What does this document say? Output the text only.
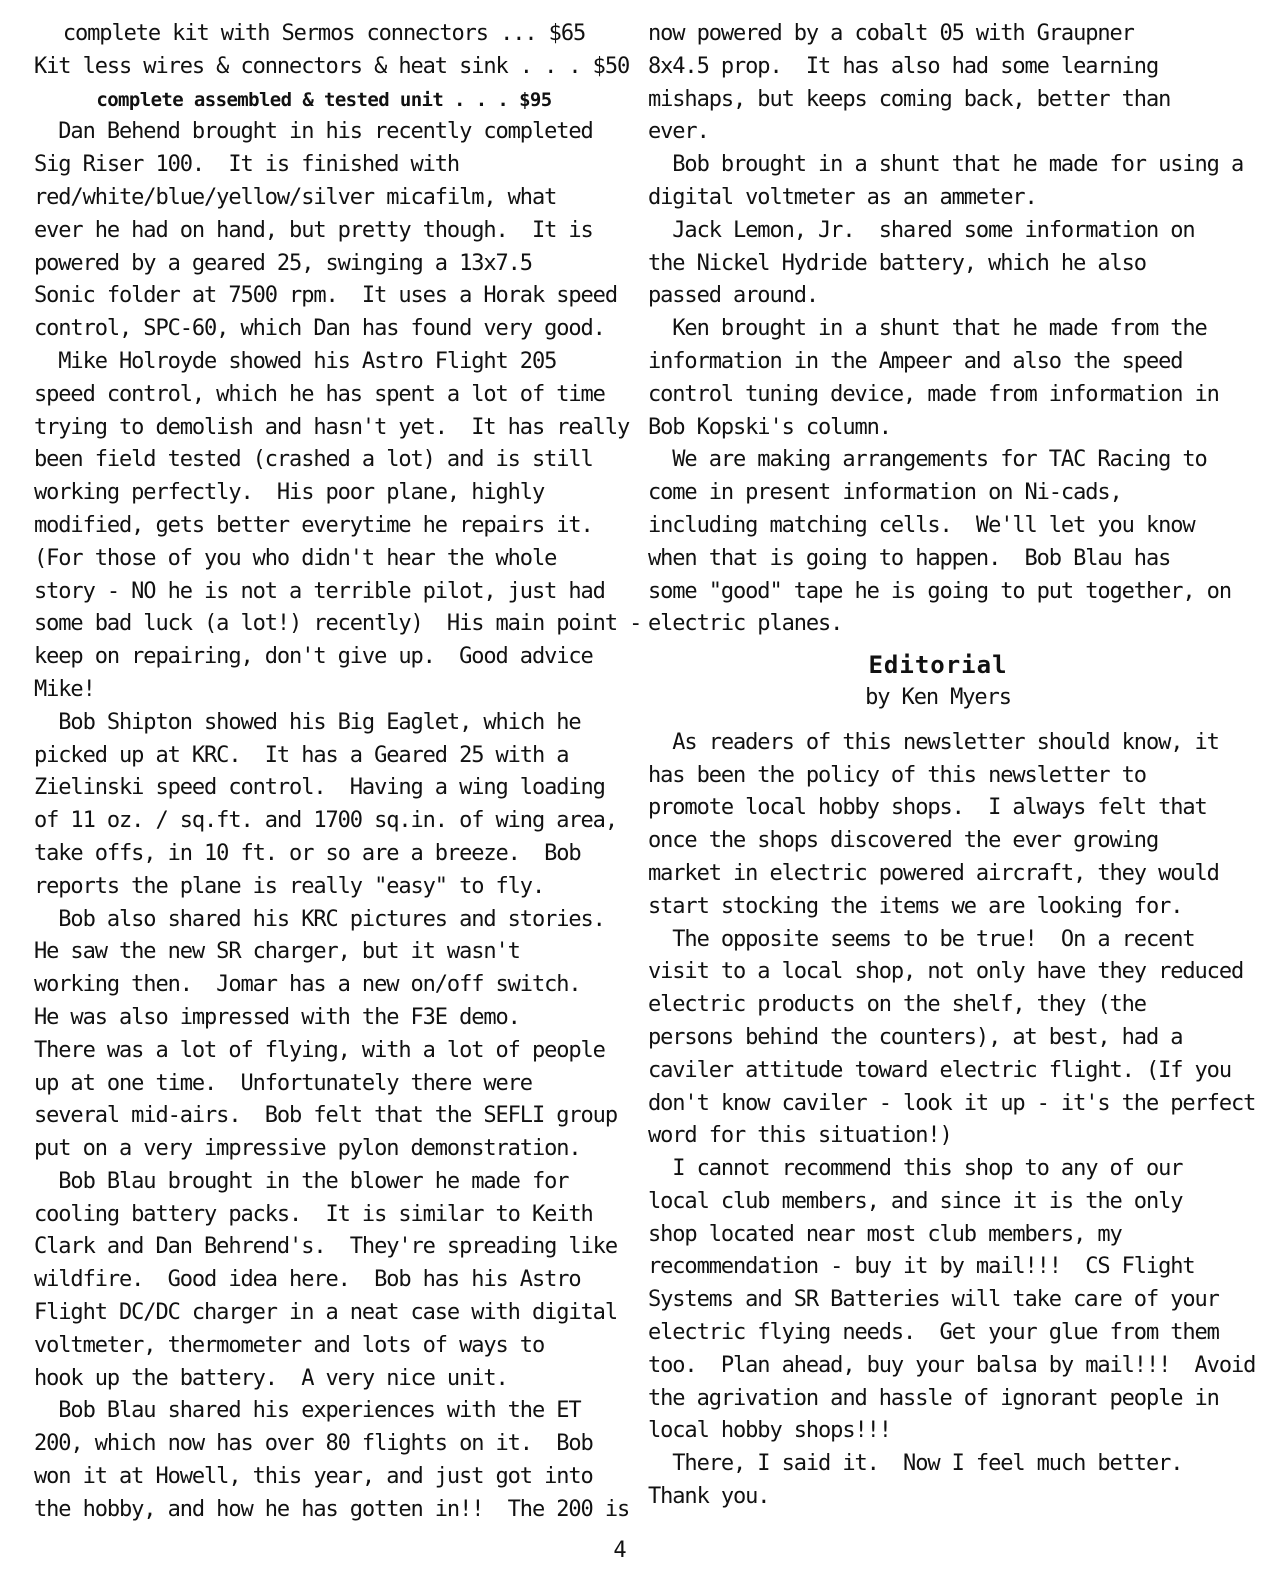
complete kit with Sermos connectors ... $65
Kit less wires & connectors & heat sink . . . $50
complete assembled & tested unit . . . $95
Dan Behend brought in his recently completed
Sig Riser 100.  It is finished with
red/white/blue/yellow/silver micafilm, what
ever he had on hand, but pretty though.  It is
powered by a geared 25, swinging a 13x7.5
Sonic folder at 7500 rpm.  It uses a Horak speed
control, SPC-60, which Dan has found very good.
Mike Holroyde showed his Astro Flight 205
speed control, which he has spent a lot of time
trying to demolish and hasn't yet.  It has really
been field tested (crashed a lot) and is still
working perfectly.  His poor plane, highly
modified, gets better everytime he repairs it.
(For those of you who didn't hear the whole
story - NO he is not a terrible pilot, just had
some bad luck (a lot!) recently)  His main point -
keep on repairing, don't give up.  Good advice
Mike!
Bob Shipton showed his Big Eaglet, which he
picked up at KRC.  It has a Geared 25 with a
Zielinski speed control.  Having a wing loading
of 11 oz. / sq.ft. and 1700 sq.in. of wing area,
take offs, in 10 ft. or so are a breeze.  Bob
reports the plane is really "easy" to fly.
Bob also shared his KRC pictures and stories.
He saw the new SR charger, but it wasn't
working then.  Jomar has a new on/off switch.
He was also impressed with the F3E demo.
There was a lot of flying, with a lot of people
up at one time.  Unfortunately there were
several mid-airs.  Bob felt that the SEFLI group
put on a very impressive pylon demonstration.
Bob Blau brought in the blower he made for
cooling battery packs.  It is similar to Keith
Clark and Dan Behrend's.  They're spreading like
wildfire.  Good idea here.  Bob has his Astro
Flight DC/DC charger in a neat case with digital
voltmeter, thermometer and lots of ways to
hook up the battery.  A very nice unit.
Bob Blau shared his experiences with the ET
200, which now has over 80 flights on it.  Bob
won it at Howell, this year, and just got into
the hobby, and how he has gotten in!!  The 200 is
now powered by a cobalt 05 with Graupner
8x4.5 prop.  It has also had some learning
mishaps, but keeps coming back, better than
ever.
Bob brought in a shunt that he made for using a
digital voltmeter as an ammeter.
Jack Lemon, Jr.  shared some information on
the Nickel Hydride battery, which he also
passed around.
Ken brought in a shunt that he made from the
information in the Ampeer and also the speed
control tuning device, made from information in
Bob Kopski's column.
We are making arrangements for TAC Racing to
come in present information on Ni-cads,
including matching cells.  We'll let you know
when that is going to happen.  Bob Blau has
some "good" tape he is going to put together, on
electric planes.
Editorial
by Ken Myers
As readers of this newsletter should know, it
has been the policy of this newsletter to
promote local hobby shops.  I always felt that
once the shops discovered the ever growing
market in electric powered aircraft, they would
start stocking the items we are looking for.
The opposite seems to be true!  On a recent
visit to a local shop, not only have they reduced
electric products on the shelf, they (the
persons behind the counters), at best, had a
caviler attitude toward electric flight. (If you
don't know caviler - look it up - it's the perfect
word for this situation!)
I cannot recommend this shop to any of our
local club members, and since it is the only
shop located near most club members, my
recommendation - buy it by mail!!!  CS Flight
Systems and SR Batteries will take care of your
electric flying needs.  Get your glue from them
too.  Plan ahead, buy your balsa by mail!!!  Avoid
the agrivation and hassle of ignorant people in
local hobby shops!!!
There, I said it.  Now I feel much better.
Thank you.
4
